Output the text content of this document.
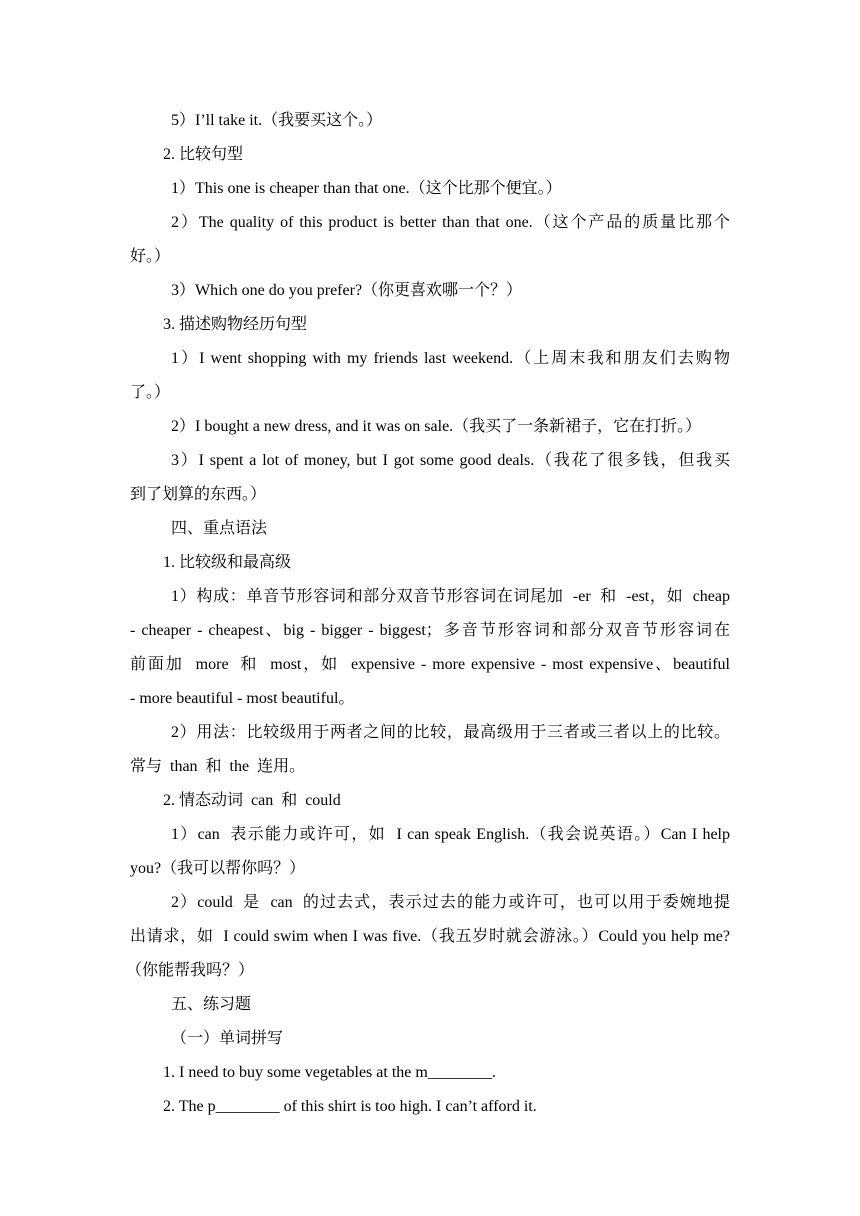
5）I’ll take it.（我要买这个。）

2. 比较句型

1）This one is cheaper than that one.（这个比那个便宜。）

2）The quality of this product is better than that one.（这个产品的质量比那个

好。）

3）Which one do you prefer?（你更喜欢哪一个？）

3. 描述购物经历句型

1）I went shopping with my friends last weekend.（上周末我和朋友们去购物

了。）

2）I bought a new dress, and it was on sale.（我买了一条新裙子，它在打折。）

3）I spent a lot of money, but I got some good deals.（我花了很多钱，但我买

到了划算的东西。）

四、重点语法

1. 比较级和最高级

1）构成：单音节形容词和部分双音节形容词在词尾加  -er  和  -est，如  cheap

- cheaper - cheapest、big - bigger - biggest；多音节形容词和部分双音节形容词在

前面加  more  和  most，如  expensive - more expensive - most expensive、beautiful

- more beautiful - most beautiful。

2）用法：比较级用于两者之间的比较，最高级用于三者或三者以上的比较。

常与  than  和  the  连用。

2. 情态动词  can  和  could

1）can  表示能力或许可，如  I can speak English.（我会说英语。）Can I help

you?（我可以帮你吗？）

2）could  是  can  的过去式，表示过去的能力或许可，也可以用于委婉地提

出请求，如  I could swim when I was five.（我五岁时就会游泳。）Could you help me?

（你能帮我吗？）

五、练习题

（一）单词拼写

1. I need to buy some vegetables at the m________.

2. The p________ of this shirt is too high. I can’t afford it.
